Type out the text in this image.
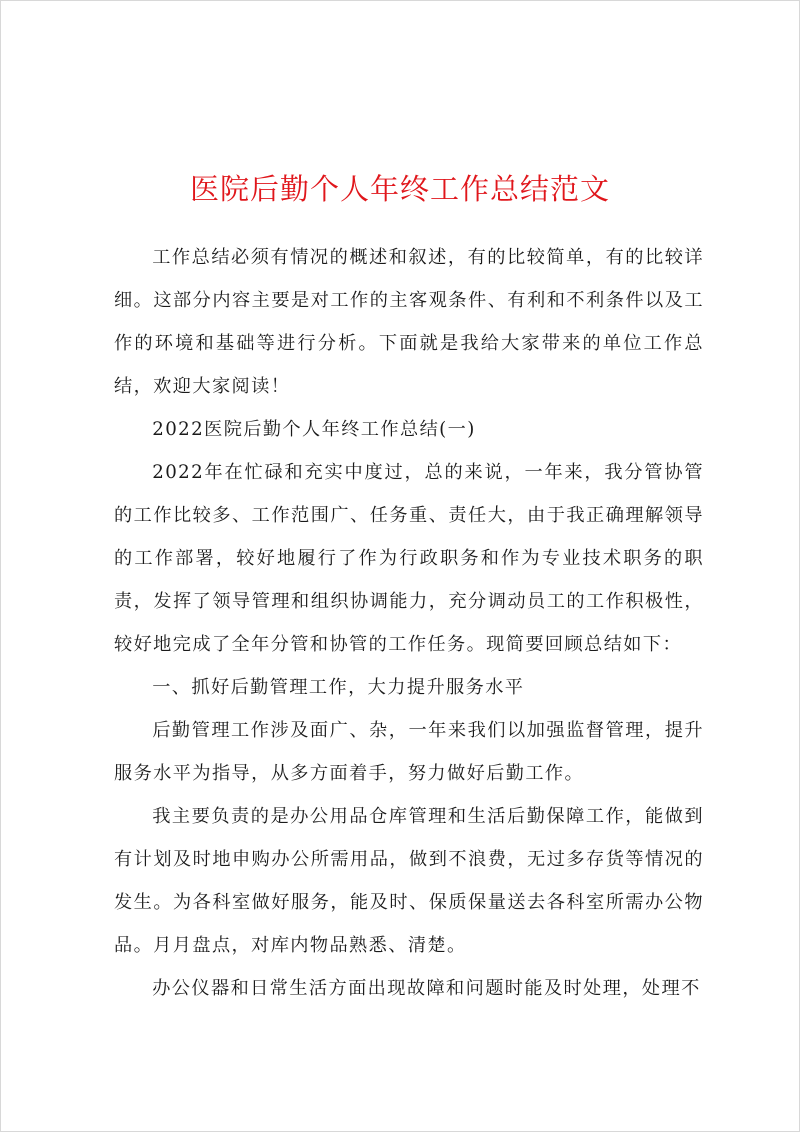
医院后勤个人年终工作总结范文

工作总结必须有情况的概述和叙述，有的比较简单，有的比较详细。这部分内容主要是对工作的主客观条件、有利和不利条件以及工作的环境和基础等进行分析。下面就是我给大家带来的单位工作总结，欢迎大家阅读！

2022医院后勤个人年终工作总结(一)

2022年在忙碌和充实中度过，总的来说，一年来，我分管协管的工作比较多、工作范围广、任务重、责任大，由于我正确理解领导的工作部署，较好地履行了作为行政职务和作为专业技术职务的职责，发挥了领导管理和组织协调能力，充分调动员工的工作积极性，较好地完成了全年分管和协管的工作任务。现简要回顾总结如下：

一、抓好后勤管理工作，大力提升服务水平

后勤管理工作涉及面广、杂，一年来我们以加强监督管理，提升服务水平为指导，从多方面着手，努力做好后勤工作。

我主要负责的是办公用品仓库管理和生活后勤保障工作，能做到有计划及时地申购办公所需用品，做到不浪费，无过多存货等情况的发生。为各科室做好服务，能及时、保质保量送去各科室所需办公物品。月月盘点，对库内物品熟悉、清楚。

办公仪器和日常生活方面出现故障和问题时能及时处理，处理不
